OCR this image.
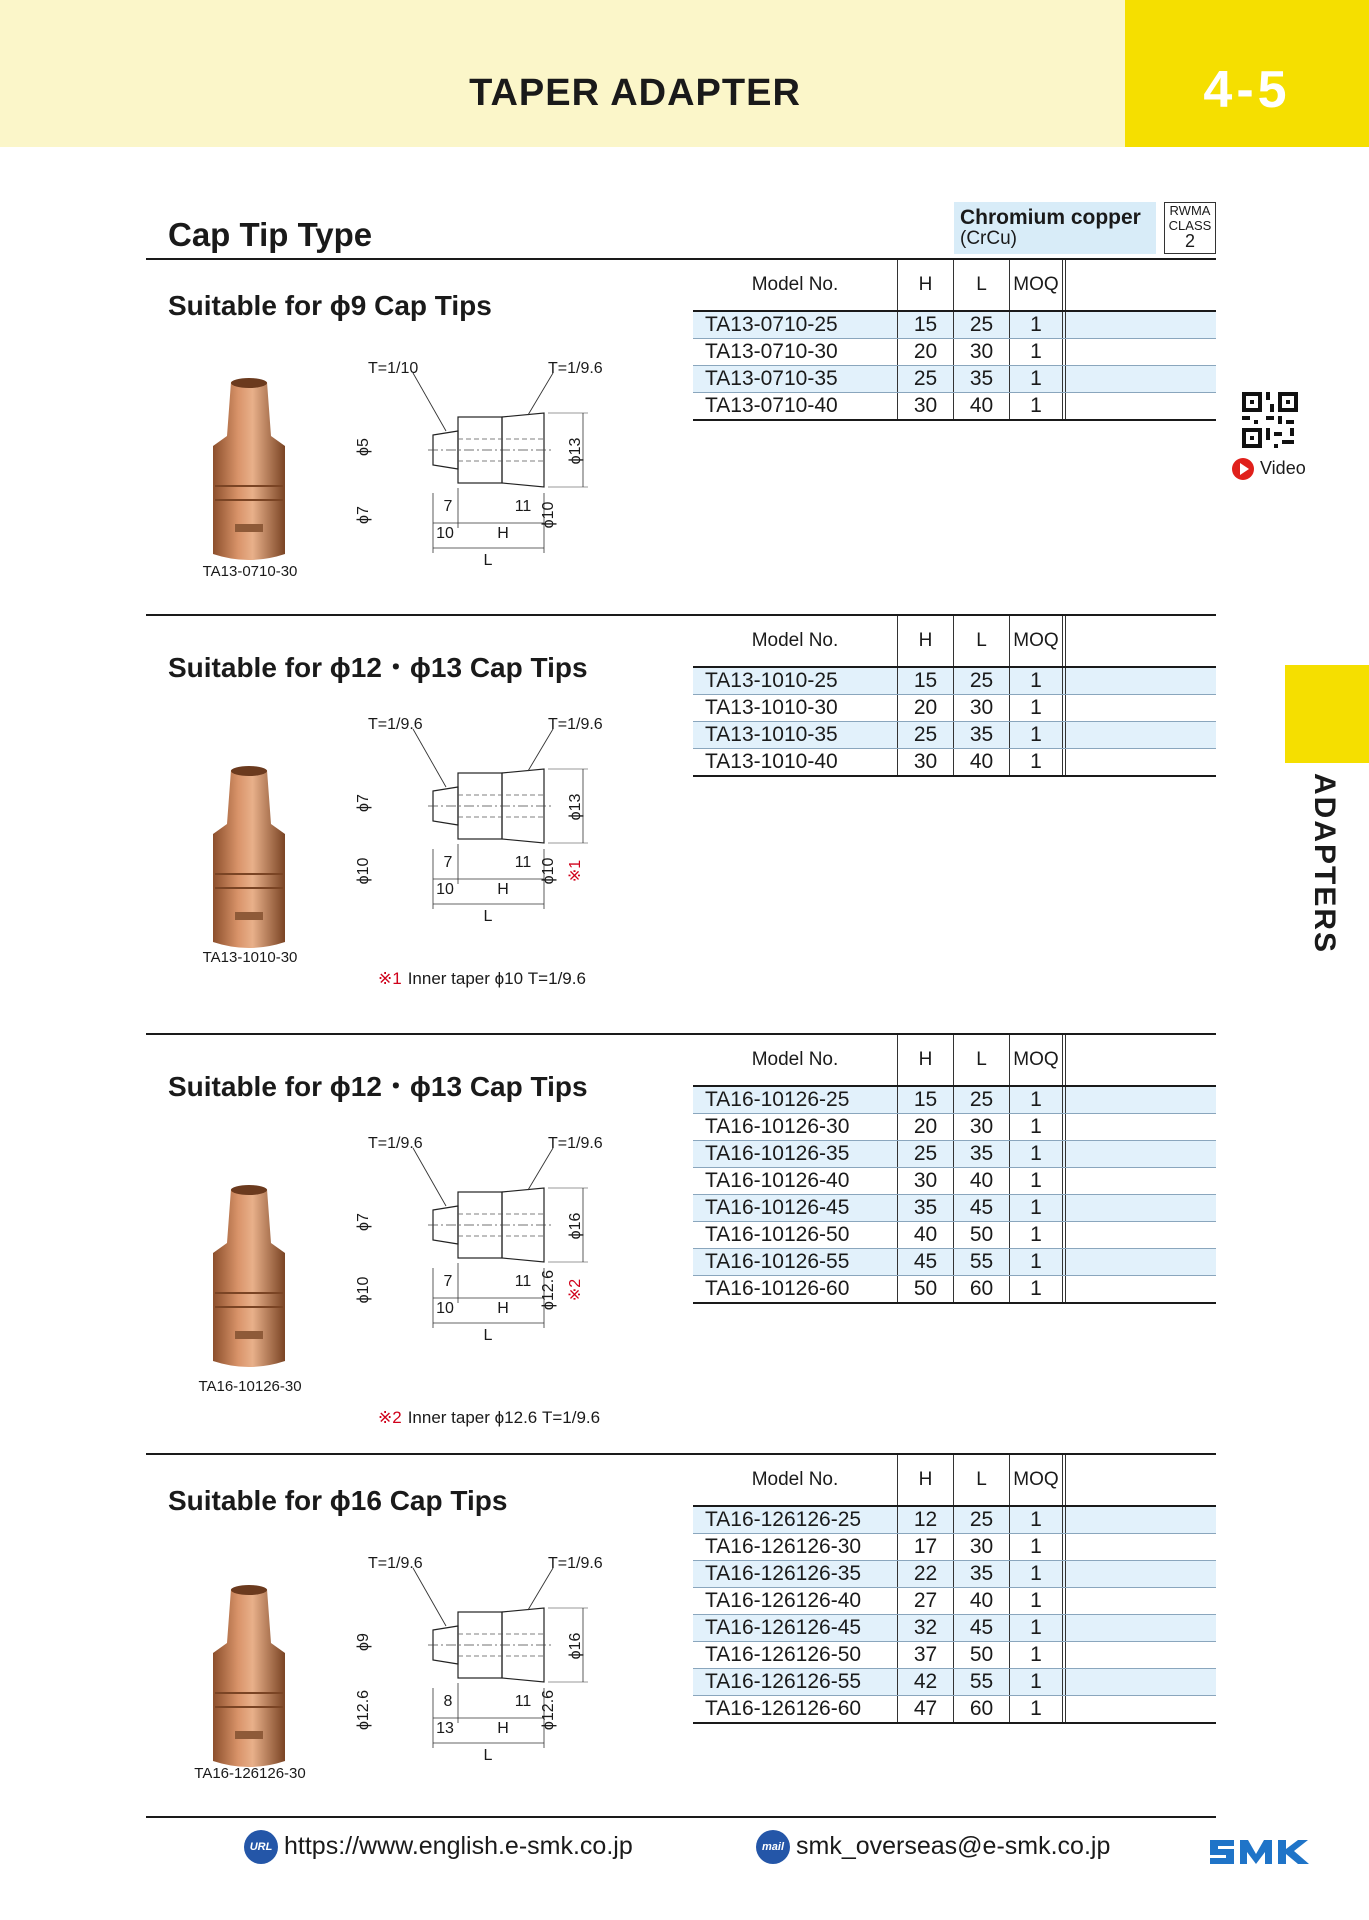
TAPER ADAPTER	4-5
Cap Tip Type	Chromium copper
(CrCu)
RWMA
CLASS
2
Video
ADAPTERS
Suitable for ϕ9 Cap Tips
TA13-0710-30
T=1/10	T=1/9.6
7	11
10	H
L
ϕ5
ϕ7
ϕ13
ϕ10
Model No.	H	L	MOQ		
TA13-0710-25	15	25	1		
TA13-0710-30	20	30	1		
TA13-0710-35	25	35	1		
TA13-0710-40	30	40	1		
Suitable for ϕ12・ϕ13 Cap Tips
TA13-1010-30
T=1/9.6	T=1/9.6
7	11
10	H
L
ϕ7
ϕ10
ϕ13
ϕ10 ※1
※1 Inner taper ϕ10 T=1/9.6
Model No.	H	L	MOQ		
TA13-1010-25	15	25	1		
TA13-1010-30	20	30	1		
TA13-1010-35	25	35	1		
TA13-1010-40	30	40	1		
Suitable for ϕ12・ϕ13 Cap Tips
TA16-10126-30
T=1/9.6	T=1/9.6
7	11
10	H
L
ϕ7
ϕ10
ϕ16
ϕ12.6 ※2
※2 Inner taper ϕ12.6 T=1/9.6
Model No.	H	L	MOQ		
TA16-10126-25	15	25	1		
TA16-10126-30	20	30	1		
TA16-10126-35	25	35	1		
TA16-10126-40	30	40	1		
TA16-10126-45	35	45	1		
TA16-10126-50	40	50	1		
TA16-10126-55	45	55	1		
TA16-10126-60	50	60	1		
Suitable for ϕ16 Cap Tips
TA16-126126-30
T=1/9.6	T=1/9.6
8	11
13	H
L
ϕ9
ϕ12.6
ϕ16
ϕ12.6
Model No.	H	L	MOQ		
TA16-126126-25	12	25	1		
TA16-126126-30	17	30	1		
TA16-126126-35	22	35	1		
TA16-126126-40	27	40	1		
TA16-126126-45	32	45	1		
TA16-126126-50	37	50	1		
TA16-126126-55	42	55	1		
TA16-126126-60	47	60	1		
URL https://www.english.e-smk.co.jp	mail smk_overseas@e-smk.co.jp
